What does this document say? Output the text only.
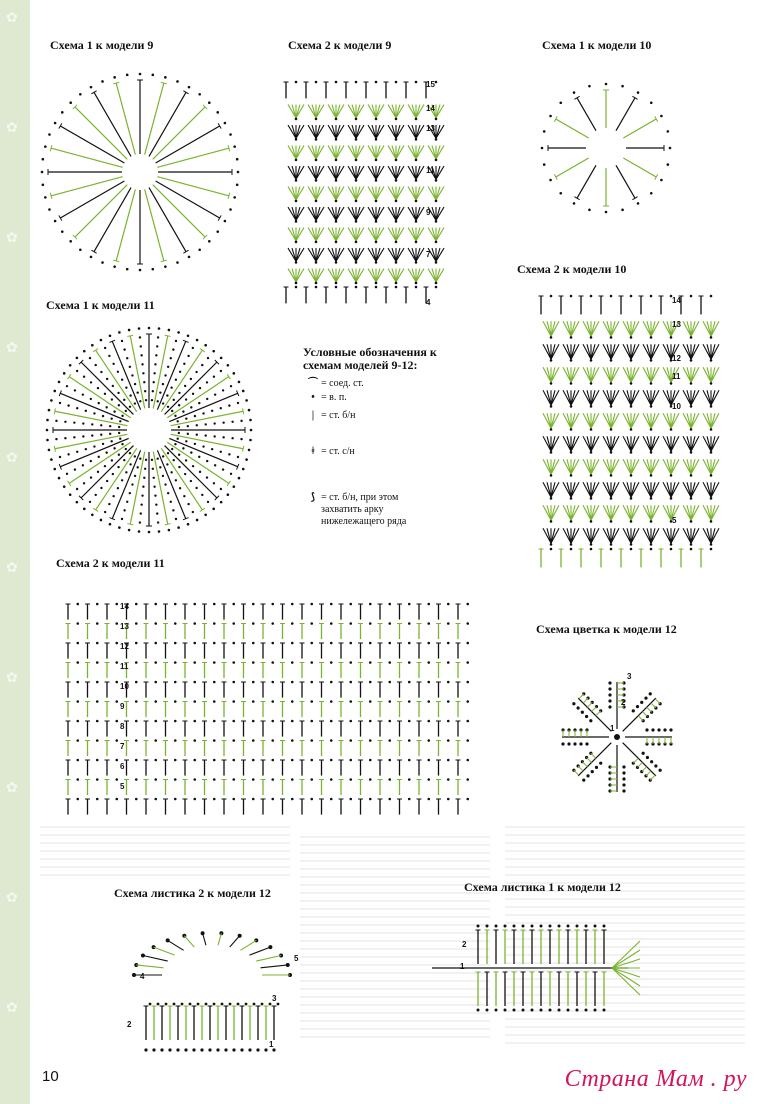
✿
✿
✿
✿
✿
✿
✿
✿
✿
✿
Схема 1 к модели 9	Схема 2 к модели 9	Схема 1 к модели 10
Схема 2 к модели 10
Схема 1 к модели 11
Схема 2 к модели 11
Схема цветка к модели 12
Схема листика 2 к модели 12	Схема листика 1 к модели 12
Условные обозначения к схемам моделей 9-12:
⌒ = соед. ст.
• = в. п.
| = ст. б/н
ǂ = ст. с/н
⟆ = ст. б/н, при этом захватить арку нижележащего ряда
15
14
13
11
9
7
4	14
13
12
11
10
5
14
13
12
11
10
9
8
7
6
5
3
2
1
4
5
3
2
1
2
1
10	Страна Мам . ру
